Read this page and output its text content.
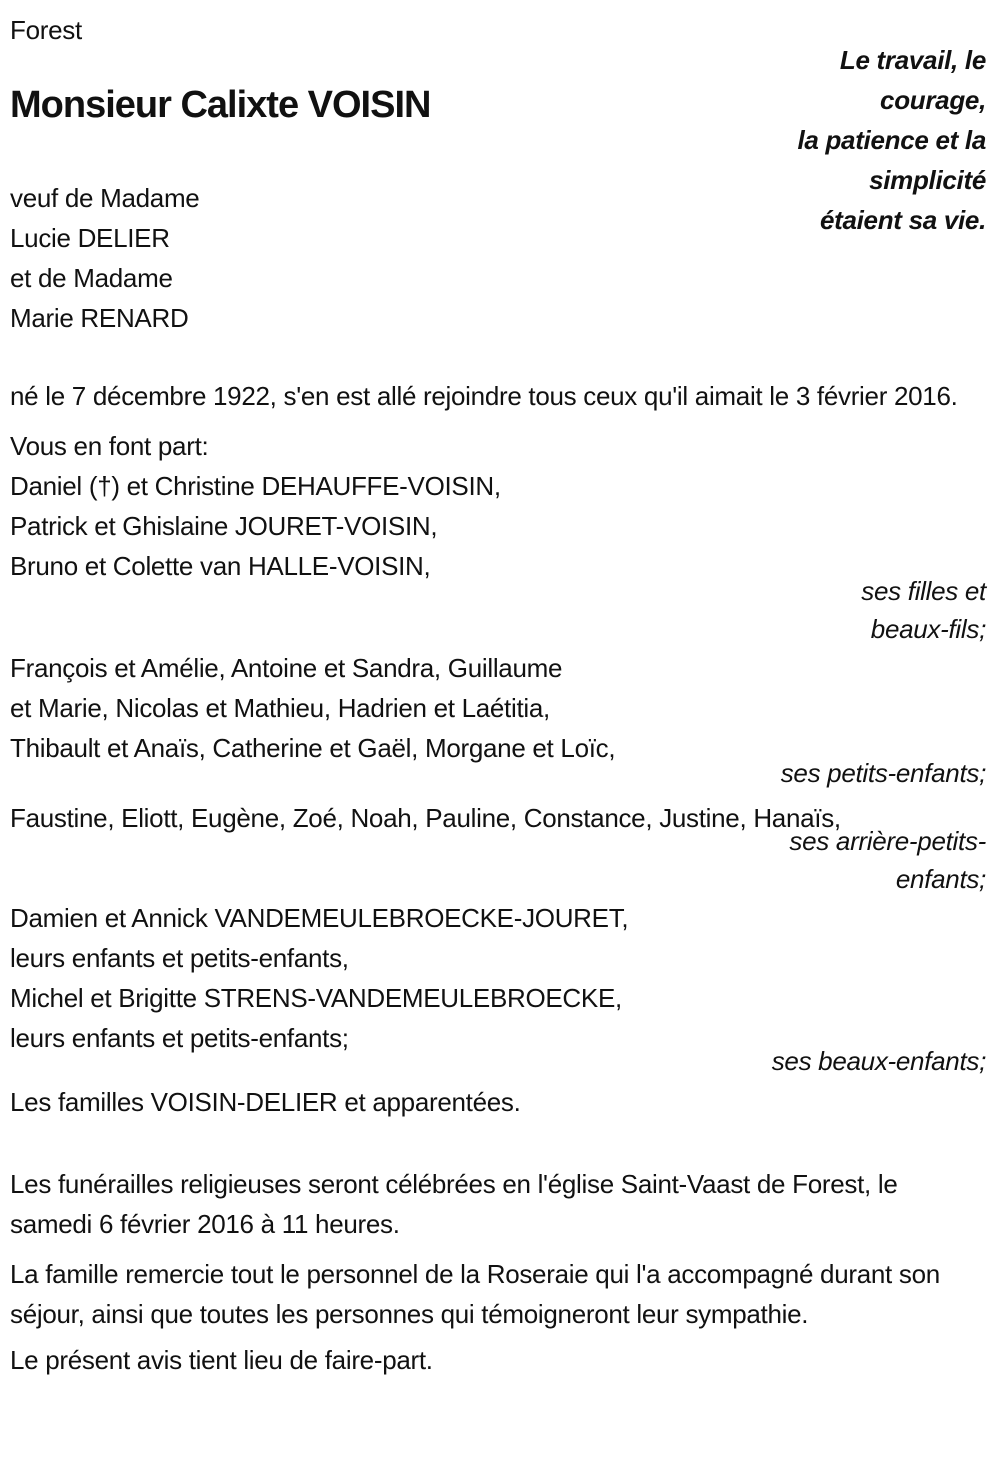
Forest
Monsieur Calixte VOISIN
Le travail, le
courage,
la patience et la
simplicité
étaient sa vie.
veuf de Madame
Lucie DELIER
et de Madame
Marie RENARD

né le 7 décembre 1922, s'en est allé rejoindre tous ceux qu'il aimait le 3 février 2016.

Vous en font part:

Daniel (†) et Christine DEHAUFFE-VOISIN,
Patrick et Ghislaine JOURET-VOISIN,
Bruno et Colette van HALLE-VOISIN,
ses filles et
beaux-fils;
François et Amélie, Antoine et Sandra, Guillaume
et Marie, Nicolas et Mathieu, Hadrien et Laétitia,
Thibault et Anaïs, Catherine et Gaël, Morgane et Loïc,
ses petits-enfants;
Faustine, Eliott, Eugène, Zoé, Noah, Pauline, Constance, Justine, Hanaïs,
ses arrière-petits-
enfants;
Damien et Annick VANDEMEULEBROECKE-JOURET,
leurs enfants et petits-enfants,
Michel et Brigitte STRENS-VANDEMEULEBROECKE,
leurs enfants et petits-enfants;
ses beaux-enfants;

Les familles VOISIN-DELIER et apparentées.

Les funérailles religieuses seront célébrées en l'église Saint-Vaast de Forest, le samedi 6 février 2016 à 11 heures.

La famille remercie tout le personnel de la Roseraie qui l'a accompagné durant son séjour, ainsi que toutes les personnes qui témoigneront leur sympathie.

Le présent avis tient lieu de faire-part.
